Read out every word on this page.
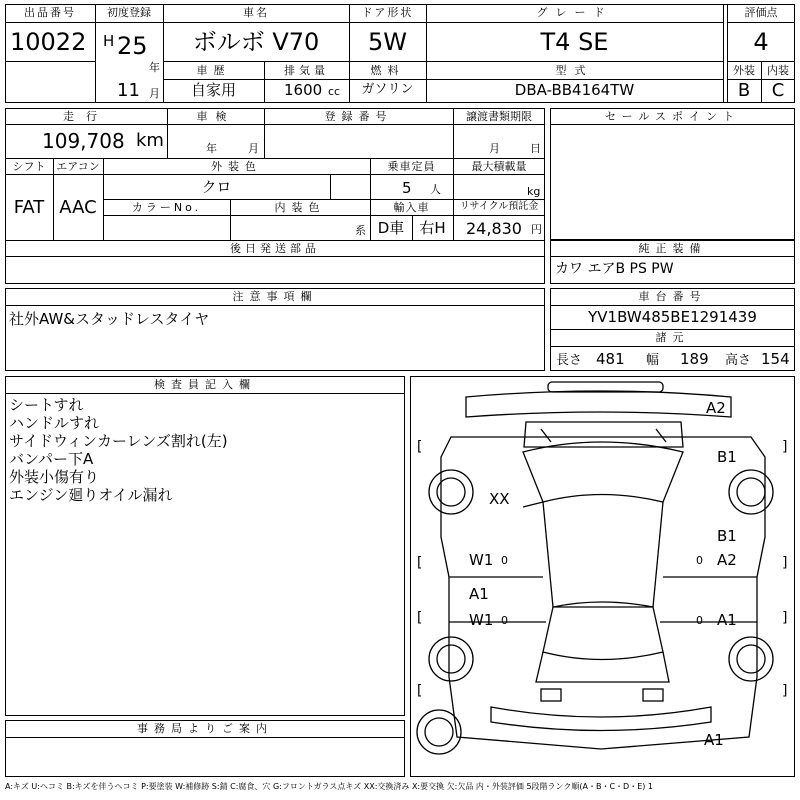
出品番号
10022
初度登録
H 25
年
11 月
車名
ボルボ V70
ドア形状
5W
グレード
T4 SE
評価点
4
車歴
自家用
排気量
1600 cc
燃料
ガソリン
型式
DBA-BB4164TW
外装	内装
B	C
走行
109,708 km
車検
年	月
登録番号	譲渡書類期限
月	日
シフト エアコン
FAT AAC
外装色
クロ
カラーNo.	内装色
系
乗車定員
5 人
最大積載量
kg
輸入車
D車	右H
リサイクル預託金
24,830 円
後日発送部品
セールスポイント
純正装備
カワ エアB PS PW
注意事項欄
社外AW&スタッドレスタイヤ
車台番号
YV1BW485BE1291439
諸元
長さ 481 幅 189 高さ 154
検査員記入欄
シートすれ
ハンドルすれ
サイドウィンカーレンズ割れ(左)
バンパー下A
外装小傷有り
エンジン廻りオイル漏れ
事務局よりご案内
[	]
[	]
[	]
[	]
A2
B1
XX
B1
A2
W1 0	0
A1
W1 0	0 A1
A1
A:キズ U:ヘコミ B:キズを伴うヘコミ P:要塗装 W:補修跡 S:錆 C:腐食、穴 G:フロントガラス点キズ XX:交換済み X:要交換 欠:欠品 内・外装評価 5段階ランク順(A・B・C・D・E) 1
